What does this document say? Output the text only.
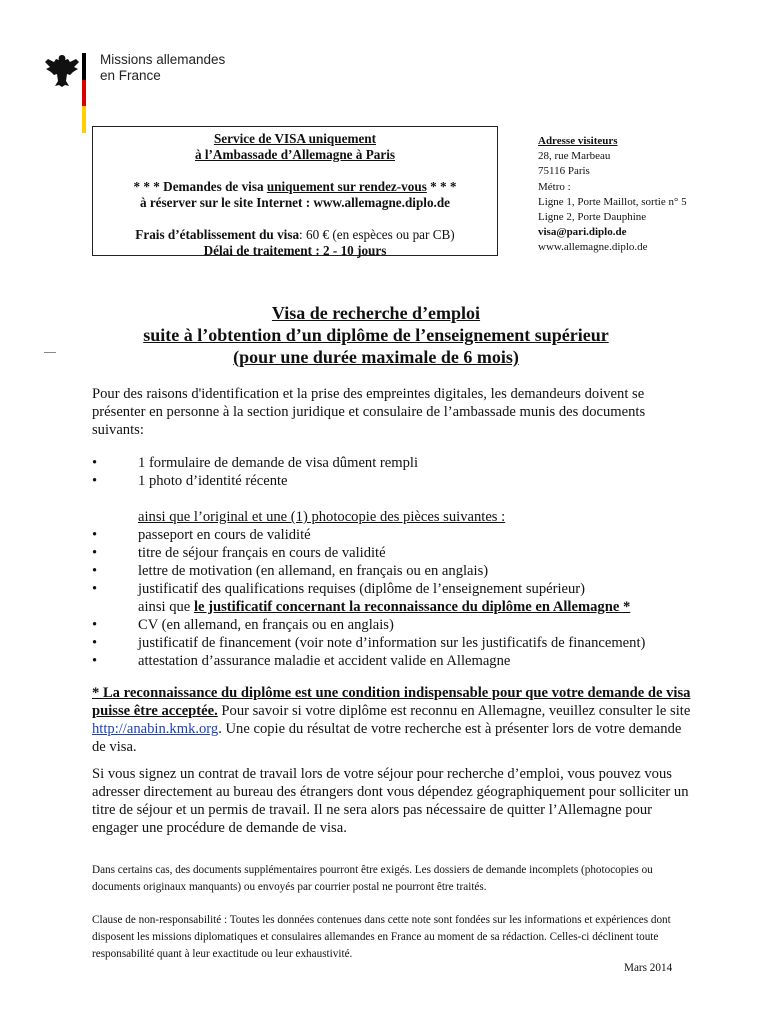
Missions allemandes
en France
Service de VISA uniquement
à l’Ambassade d’Allemagne à Paris
* * * Demandes de visa uniquement sur rendez-vous * * *
à réserver sur le site Internet : www.allemagne.diplo.de
Frais d’établissement du visa: 60 € (en espèces ou par CB)
Délai de traitement : 2 - 10 jours
Adresse visiteurs
28, rue Marbeau
75116 Paris
Métro :
Ligne 1, Porte Maillot, sortie n° 5
Ligne 2, Porte Dauphine
visa@pari.diplo.de
www.allemagne.diplo.de
Visa de recherche d’emploi
suite à l’obtention d’un diplôme de l’enseignement supérieur
(pour une durée maximale de 6 mois)
Pour des raisons d'identification et la prise des empreintes digitales, les demandeurs doivent se présenter en personne à la section juridique et consulaire de l’ambassade munis des documents suivants:
•	1 formulaire de demande de visa dûment rempli
•	1 photo d’identité récente
ainsi que l’original et une (1) photocopie des pièces suivantes :
•	passeport en cours de validité
•	titre de séjour français en cours de validité
•	lettre de motivation (en allemand, en français ou en anglais)
•	justificatif des qualifications requises (diplôme de l’enseignement supérieur)
ainsi que le justificatif concernant la reconnaissance du diplôme en Allemagne *
•	CV (en allemand, en français ou en anglais)
•	justificatif de financement (voir note d’information sur les justificatifs de financement)
•	attestation d’assurance maladie et accident valide en Allemagne
* La reconnaissance du diplôme est une condition indispensable pour que votre demande de visa puisse être acceptée. Pour savoir si votre diplôme est reconnu en Allemagne, veuillez consulter le site http://anabin.kmk.org. Une copie du résultat de votre recherche est à présenter lors de votre demande de visa.
Si vous signez un contrat de travail lors de votre séjour pour recherche d’emploi, vous pouvez vous adresser directement au bureau des étrangers dont vous dépendez géographiquement pour solliciter un titre de séjour et un permis de travail. Il ne sera alors pas nécessaire de quitter l’Allemagne pour engager une procédure de demande de visa.
Dans certains cas, des documents supplémentaires pourront être exigés. Les dossiers de demande incomplets (photocopies ou documents originaux manquants) ou envoyés par courrier postal ne pourront être traités.
Clause de non-responsabilité : Toutes les données contenues dans cette note sont fondées sur les informations et expériences dont disposent les missions diplomatiques et consulaires allemandes en France au moment de sa rédaction. Celles-ci déclinent toute responsabilité quant à leur exactitude ou leur exhaustivité.
Mars 2014
